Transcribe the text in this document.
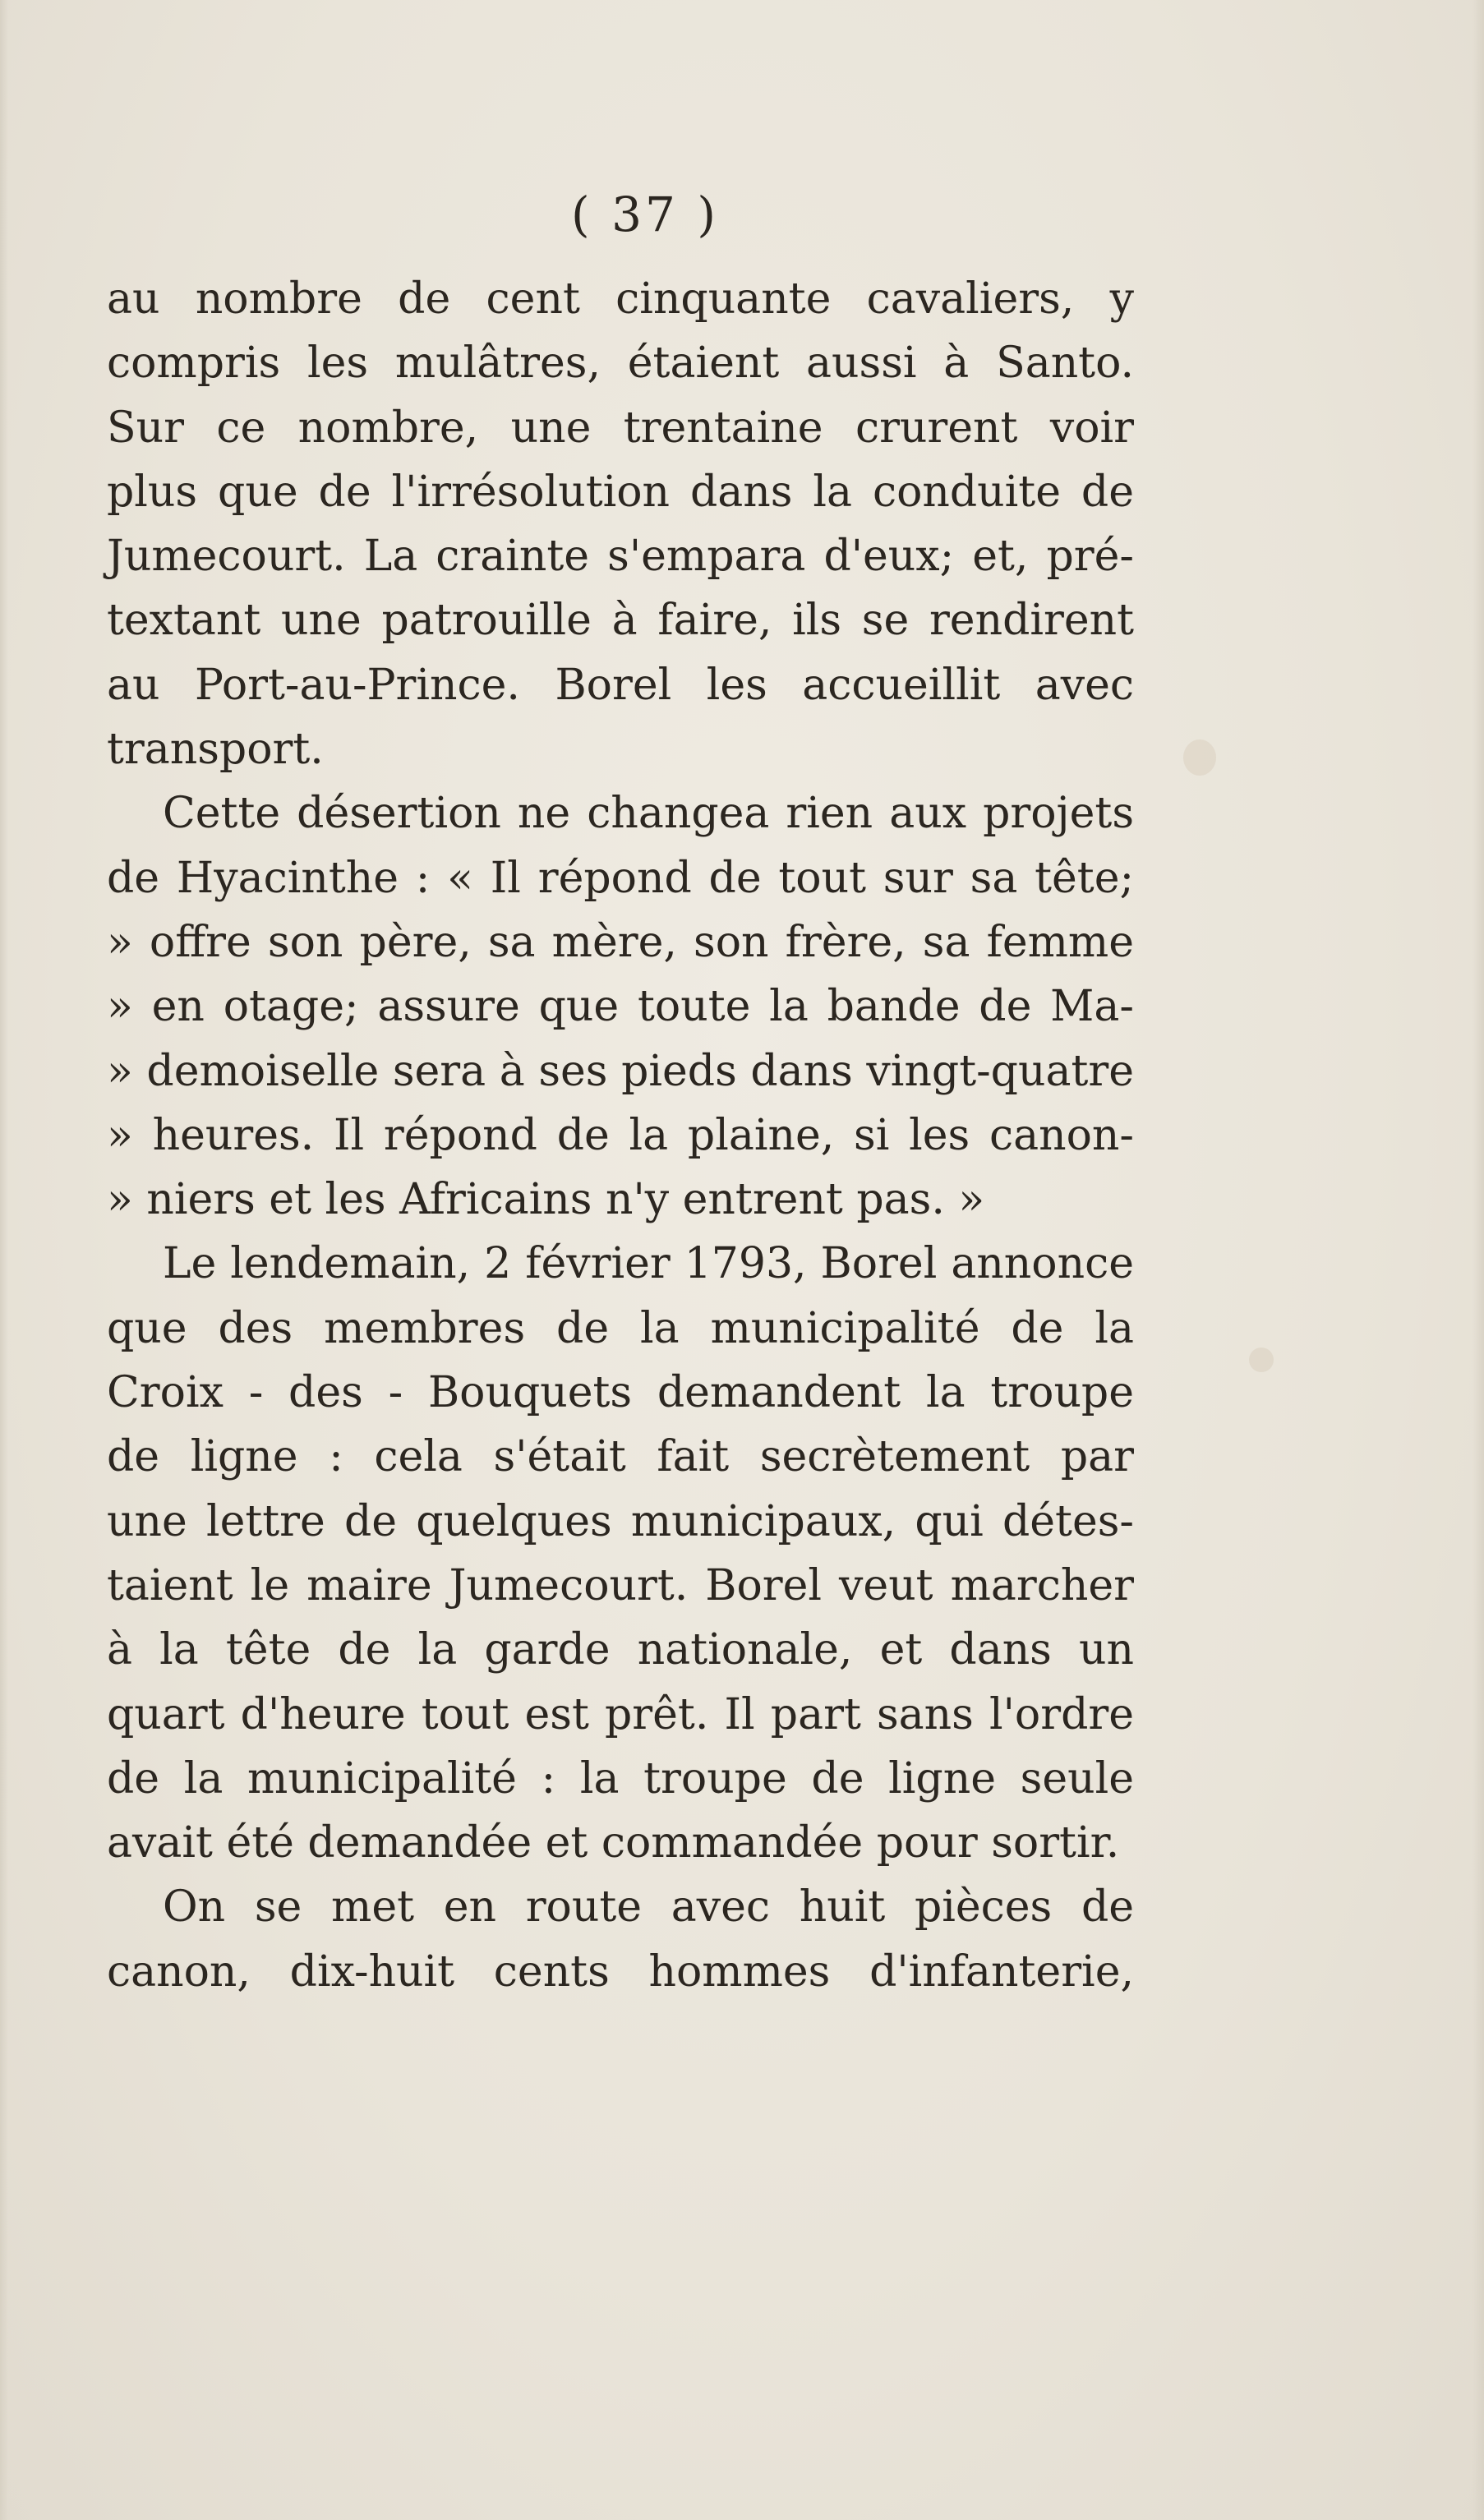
( 37 )
au nombre de cent cinquante cavaliers, y
compris les mulâtres, étaient aussi à Santo.
Sur ce nombre, une trentaine crurent voir
plus que de l'irrésolution dans la conduite de
Jumecourt. La crainte s'empara d'eux; et, pré-
textant une patrouille à faire, ils se rendirent
au Port-au-Prince. Borel les accueillit avec
transport.
Cette désertion ne changea rien aux projets
de Hyacinthe : « Il répond de tout sur sa tête;
» offre son père, sa mère, son frère, sa femme
» en otage; assure que toute la bande de Ma-
» demoiselle sera à ses pieds dans vingt-quatre
» heures. Il répond de la plaine, si les canon-
» niers et les Africains n'y entrent pas. »
Le lendemain, 2 février 1793, Borel annonce
que des membres de la municipalité de la
Croix - des - Bouquets demandent la troupe
de ligne : cela s'était fait secrètement par
une lettre de quelques municipaux, qui détes-
taient le maire Jumecourt. Borel veut marcher
à la tête de la garde nationale, et dans un
quart d'heure tout est prêt. Il part sans l'ordre
de la municipalité : la troupe de ligne seule
avait été demandée et commandée pour sortir.
On se met en route avec huit pièces de
canon, dix-huit cents hommes d'infanterie,
